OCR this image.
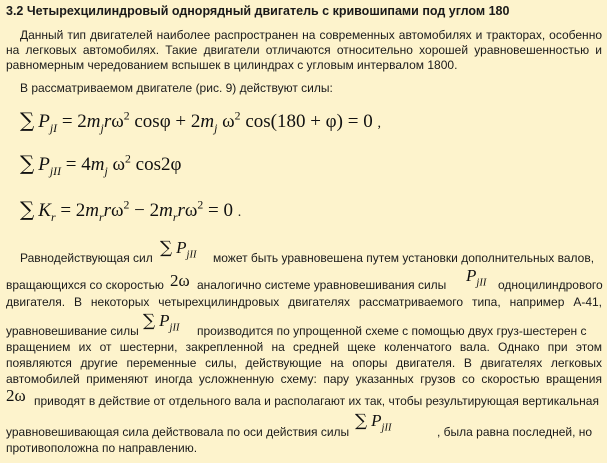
3.2 Четырехцилиндровый однорядный двигатель с кривошипами под углом 180
Данный тип двигателей наиболее распространен на современных автомобилях и тракторах, особенно на легковых автомобилях. Такие двигатели отличаются относительно хорошей уравновешенностью и равномерным чередованием вспышек в цилиндрах с угловым интервалом 1800.
В рассматриваемом двигателе (рис. 9) действуют силы:
∑ $P_{jI} = 2m_jr\omega^2$ $\cos\varphi + 2m_j$ $\omega^2$ cos(180 + φ) = 0 ,
∑ $P_{jII} = 4m_j$ $\omega^2$ cos2φ
∑ $K_r = 2m_rr\omega^2 - 2m_rr\omega^2 = 0$ .
Равнодействующая сил ∑ $P_{jII}$ может быть уравновешена путем установки дополнительных валов,
вращающихся со скоростью 2ω аналогично системе уравновешивания силы $P_{jII}$ одноцилиндрового
двигателя. В некоторых четырехцилиндровых двигателях рассматриваемого типа, например А-41,
уравновешивание силы ∑ $P_{jII}$ производится по упрощенной схеме с помощью двух груз-шестерен с
вращением их от шестерни, закрепленной на средней щеке коленчатого вала. Однако при этом
появляются другие переменные силы, действующие на опоры двигателя. В двигателях легковых
автомобилей применяют иногда усложненную схему: пару указанных грузов со скоростью вращения
2ω приводят в действие от отдельного вала и располагают их так, чтобы результирующая вертикальная
уравновешивающая сила действовала по оси действия силы
∑ $P_{jII}$	, была равна последней, но
противоположна по направлению.
